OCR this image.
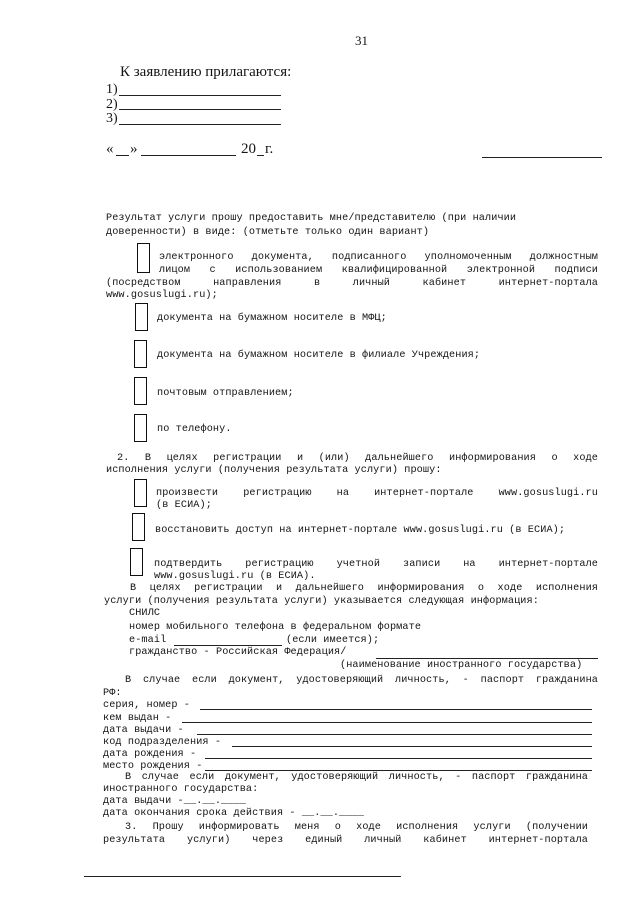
31
К заявлению прилагаются:
1)
2)
3)
« »	20 г.
Результат услуги прошу предоставить мне/представителю (при наличии
доверенности) в виде: (отметьте только один вариант)
электронного документа, подписанного уполномоченным должностным
лицом с использованием квалифицированной электронной подписи
(посредством направления в личный кабинет интернет-портала
www.gosuslugi.ru);
документа на бумажном носителе в МФЦ;
документа на бумажном носителе в филиале Учреждения;
почтовым отправлением;
по телефону.
2. В целях регистрации и (или) дальнейшего информирования о ходе
исполнения услуги (получения результата услуги) прошу:
произвести регистрацию на интернет-портале www.gosuslugi.ru
(в ЕСИА);
восстановить доступ на интернет-портале www.gosuslugi.ru (в ЕСИА);
подтвердить регистрацию учетной записи на интернет-портале
www.gosuslugi.ru (в ЕСИА).
В целях регистрации и дальнейшего информирования о ходе исполнения
услуги (получения результата услуги) указывается следующая информация:
СНИЛС
номер мобильного телефона в федеральном формате
e-mail	(если имеется);
гражданство - Российская Федерация/
(наименование иностранного государства)
В случае если документ, удостоверяющий личность, - паспорт гражданина
РФ:
серия, номер -
кем выдан -
дата выдачи -
код подразделения -
дата рождения -
место рождения -
В случае если документ, удостоверяющий личность, - паспорт гражданина
иностранного государства:
дата выдачи -__.__.____
дата окончания срока действия - __.__.____
3. Прошу информировать меня о ходе исполнения услуги (получении
результата услуги) через единый личный кабинет интернет-портала
